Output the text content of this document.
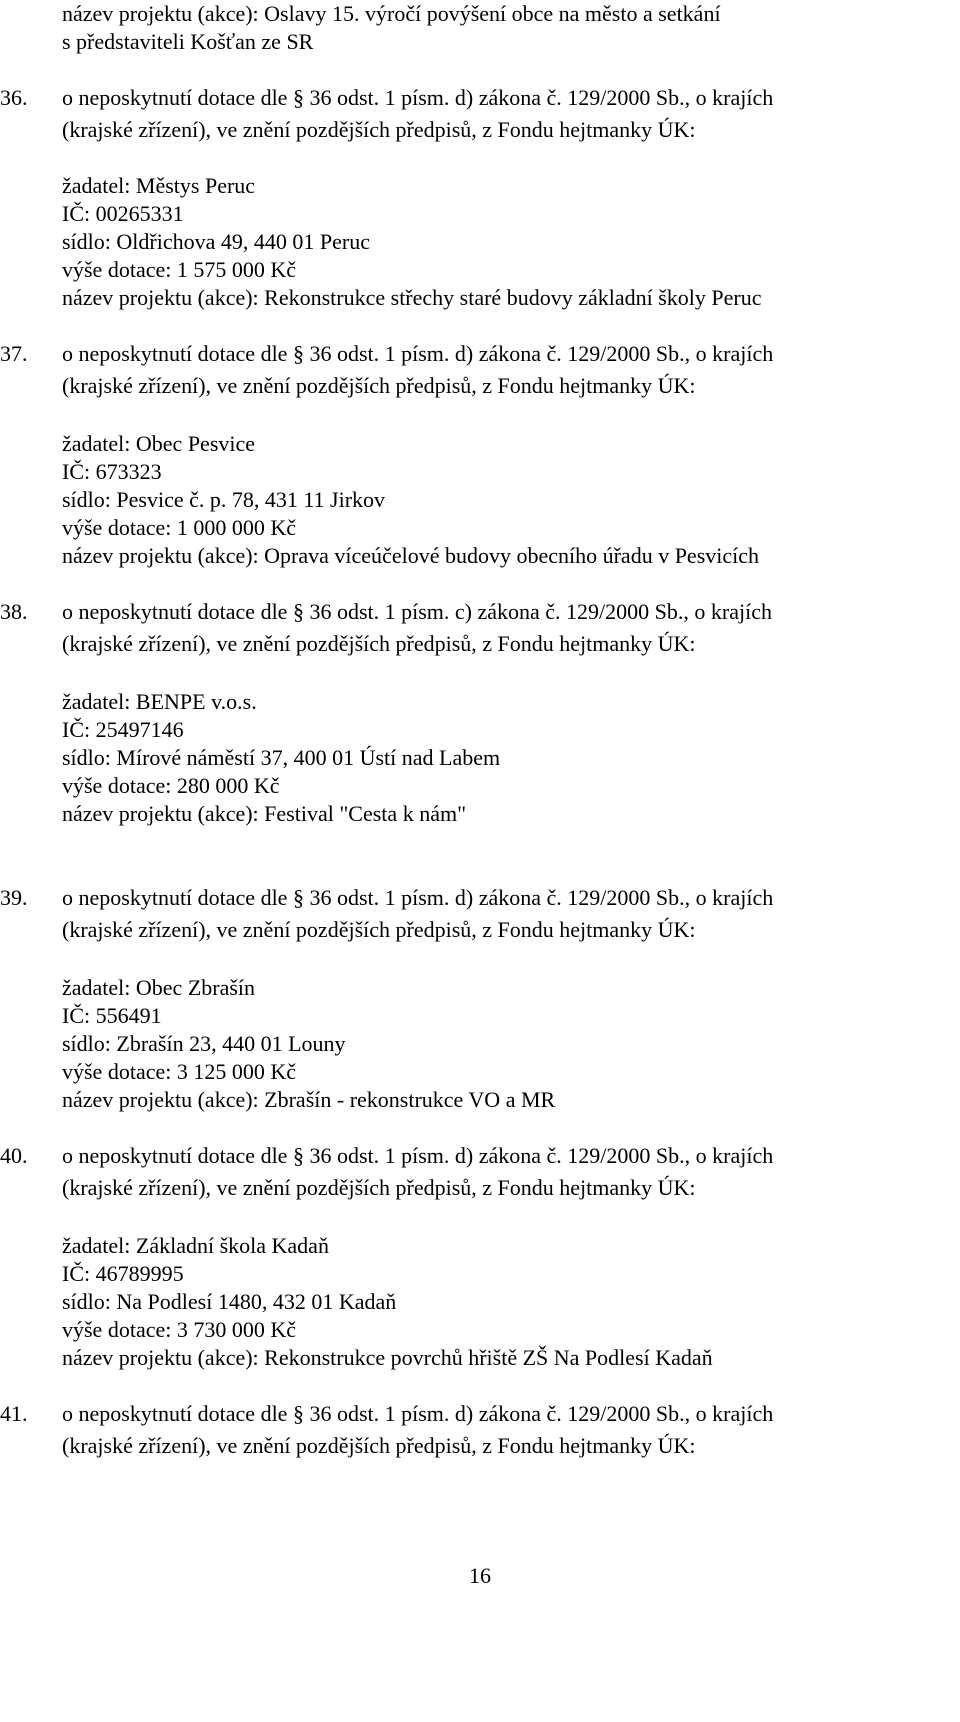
název projektu (akce): Oslavy 15. výročí povýšení obce na město a setkání
s představiteli Košťan ze SR
36. o neposkytnutí dotace dle § 36 odst. 1 písm. d) zákona č. 129/2000 Sb., o krajích
(krajské zřízení), ve znění pozdějších předpisů, z Fondu hejtmanky ÚK:
žadatel: Městys Peruc
IČ: 00265331
sídlo: Oldřichova 49, 440 01 Peruc
výše dotace: 1 575 000 Kč
název projektu (akce): Rekonstrukce střechy staré budovy základní školy Peruc
37. o neposkytnutí dotace dle § 36 odst. 1 písm. d) zákona č. 129/2000 Sb., o krajích
(krajské zřízení), ve znění pozdějších předpisů, z Fondu hejtmanky ÚK:
žadatel: Obec Pesvice
IČ: 673323
sídlo: Pesvice č. p. 78, 431 11 Jirkov
výše dotace: 1 000 000 Kč
název projektu (akce): Oprava víceúčelové budovy obecního úřadu v Pesvicích
38. o neposkytnutí dotace dle § 36 odst. 1 písm. c) zákona č. 129/2000 Sb., o krajích
(krajské zřízení), ve znění pozdějších předpisů, z Fondu hejtmanky ÚK:
žadatel: BENPE v.o.s.
IČ: 25497146
sídlo: Mírové náměstí 37, 400 01 Ústí nad Labem
výše dotace: 280 000 Kč
název projektu (akce): Festival "Cesta k nám"
39. o neposkytnutí dotace dle § 36 odst. 1 písm. d) zákona č. 129/2000 Sb., o krajích
(krajské zřízení), ve znění pozdějších předpisů, z Fondu hejtmanky ÚK:
žadatel: Obec Zbrašín
IČ: 556491
sídlo: Zbrašín 23, 440 01 Louny
výše dotace: 3 125 000 Kč
název projektu (akce): Zbrašín - rekonstrukce VO a MR
40. o neposkytnutí dotace dle § 36 odst. 1 písm. d) zákona č. 129/2000 Sb., o krajích
(krajské zřízení), ve znění pozdějších předpisů, z Fondu hejtmanky ÚK:
žadatel: Základní škola Kadaň
IČ: 46789995
sídlo: Na Podlesí 1480, 432 01 Kadaň
výše dotace: 3 730 000 Kč
název projektu (akce): Rekonstrukce povrchů hřiště ZŠ Na Podlesí Kadaň
41. o neposkytnutí dotace dle § 36 odst. 1 písm. d) zákona č. 129/2000 Sb., o krajích
(krajské zřízení), ve znění pozdějších předpisů, z Fondu hejtmanky ÚK:
16
